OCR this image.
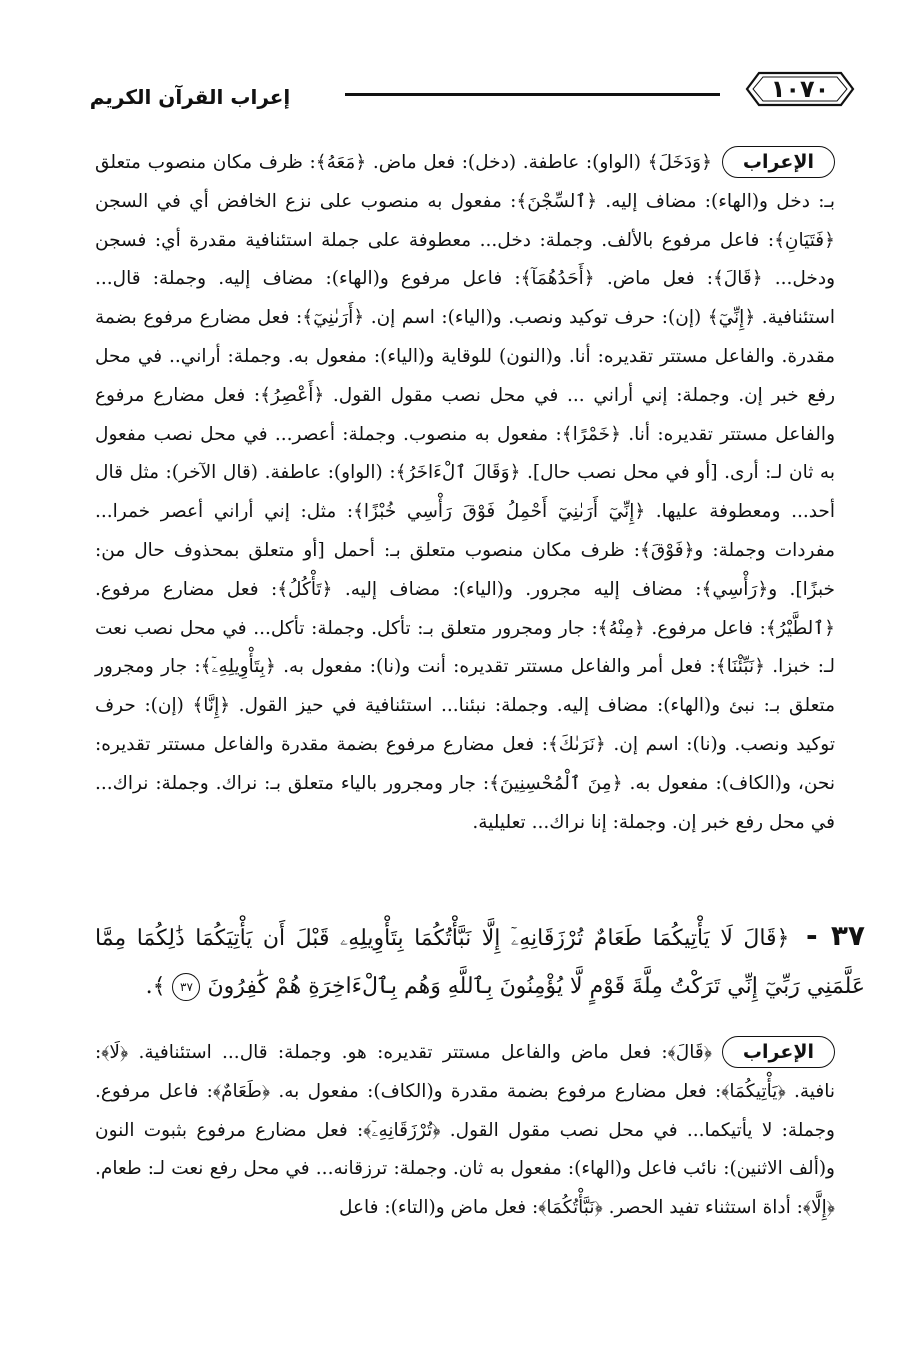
١٠٧٠
إعراب القرآن الكريم

الإعراب
﴿وَدَخَلَ﴾ (الواو): عاطفة. (دخل): فعل ماض. ﴿مَعَهُ﴾: ظرف مكان منصوب متعلق بـ: دخل و(الهاء): مضاف إليه. ﴿ٱلسِّجْنَ﴾: مفعول به منصوب على نزع الخافض أي في السجن ﴿فَتَيَانِ﴾: فاعل مرفوع بالألف. وجملة: دخل... معطوفة على جملة استئنافية مقدرة أي: فسجن ودخل... ﴿قَالَ﴾: فعل ماض. ﴿أَحَدُهُمَآ﴾: فاعل مرفوع و(الهاء): مضاف إليه. وجملة: قال... استئنافية. ﴿إِنِّيٓ﴾ (إن): حرف توكيد ونصب. و(الياء): اسم إن. ﴿أَرَىٰنِيٓ﴾: فعل مضارع مرفوع بضمة مقدرة. والفاعل مستتر تقديره: أنا. و(النون) للوقاية و(الياء): مفعول به. وجملة: أراني.. في محل رفع خبر إن. وجملة: إني أراني ... في محل نصب مقول القول. ﴿أَعْصِرُ﴾: فعل مضارع مرفوع والفاعل مستتر تقديره: أنا. ﴿خَمْرًا﴾: مفعول به منصوب. وجملة: أعصر... في محل نصب مفعول به ثان لـ: أرى. [أو في محل نصب حال]. ﴿وَقَالَ ٱلْءَاخَرُ﴾: (الواو): عاطفة. (قال الآخر): مثل قال أحد... ومعطوفة عليها. ﴿إِنِّيٓ أَرَىٰنِيٓ أَحْمِلُ فَوْقَ رَأْسِي خُبْزًا﴾: مثل: إني أراني أعصر خمرا... مفردات وجملة: و﴿فَوْقَ﴾: ظرف مكان منصوب متعلق بـ: أحمل [أو متعلق بمحذوف حال من: خبزًا]. و﴿رَأْسِي﴾: مضاف إليه مجرور. و(الياء): مضاف إليه. ﴿تَأْكُلُ﴾: فعل مضارع مرفوع. ﴿ٱلطَّيْرُ﴾: فاعل مرفوع. ﴿مِنْهُ﴾: جار ومجرور متعلق بـ: تأكل. وجملة: تأكل... في محل نصب نعت لـ: خبزا. ﴿نَبِّئْنَا﴾: فعل أمر والفاعل مستتر تقديره: أنت و(نا): مفعول به. ﴿بِتَأْوِيلِهِۦٓ﴾: جار ومجرور متعلق بـ: نبئ و(الهاء): مضاف إليه. وجملة: نبئنا... استئنافية في حيز القول. ﴿إِنَّا﴾ (إن): حرف توكيد ونصب. و(نا): اسم إن. ﴿نَرَىٰكَ﴾: فعل مضارع مرفوع بضمة مقدرة والفاعل مستتر تقديره: نحن، و(الكاف): مفعول به. ﴿مِنَ ٱلْمُحْسِنِينَ﴾: جار ومجرور بالياء متعلق بـ: نراك. وجملة: نراك... في محل رفع خبر إن. وجملة: إنا نراك... تعليلية.

٣٧ - ﴿قَالَ لَا يَأْتِيكُمَا طَعَامٌ تُرْزَقَانِهِۦٓ إِلَّا نَبَّأْتُكُمَا بِتَأْوِيلِهِۦ قَبْلَ أَن يَأْتِيَكُمَا ذَٰلِكُمَا مِمَّا عَلَّمَنِي رَبِّيٓ إِنِّي تَرَكْتُ مِلَّةَ قَوْمٍ لَّا يُؤْمِنُونَ بِٱللَّهِ وَهُم بِٱلْءَاخِرَةِ هُمْ كَٰفِرُونَ ٣٧ ﴾.

الإعراب
﴿قَالَ﴾: فعل ماض والفاعل مستتر تقديره: هو. وجملة: قال... استئنافية. ﴿لَا﴾: نافية. ﴿يَأْتِيكُمَا﴾: فعل مضارع مرفوع بضمة مقدرة و(الكاف): مفعول به. ﴿طَعَامٌ﴾: فاعل مرفوع. وجملة: لا يأتيكما... في محل نصب مقول القول. ﴿تُرْزَقَانِهِۦٓ﴾: فعل مضارع مرفوع بثبوت النون و(ألف الاثنين): نائب فاعل و(الهاء): مفعول به ثان. وجملة: ترزقانه... في محل رفع نعت لـ: طعام. ﴿إِلَّا﴾: أداة استثناء تفيد الحصر. ﴿نَبَّأْتُكُمَا﴾: فعل ماض و(التاء): فاعل
